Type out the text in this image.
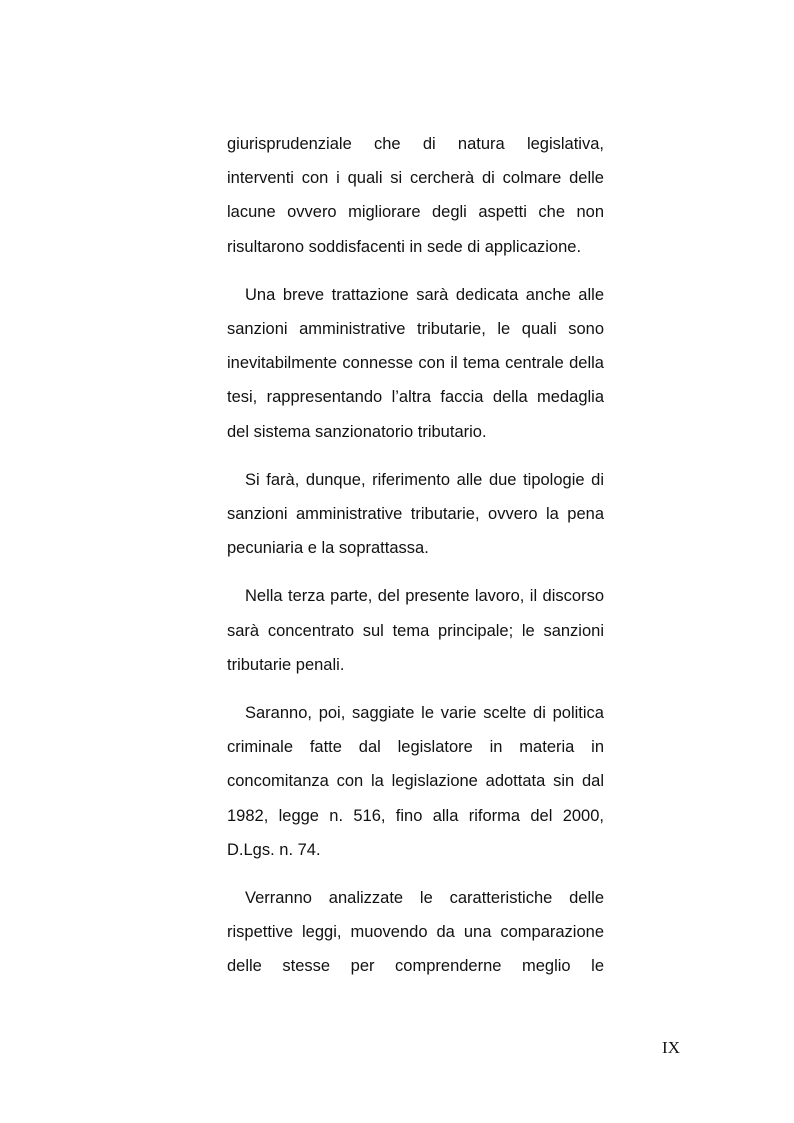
giurisprudenziale che di natura legislativa, interventi con i quali si cercherà di colmare delle lacune ovvero migliorare degli aspetti che non risultarono soddisfacenti in sede di applicazione.

Una breve trattazione sarà dedicata anche alle sanzioni amministrative tributarie, le quali sono inevitabilmente connesse con il tema centrale della tesi, rappresentando l’altra faccia della medaglia del sistema sanzionatorio tributario.

Si farà, dunque, riferimento alle due tipologie di sanzioni amministrative tributarie, ovvero la pena pecuniaria e la soprattassa.

Nella terza parte, del presente lavoro, il discorso sarà concentrato sul tema principale; le sanzioni tributarie penali.

Saranno, poi, saggiate le varie scelte di politica criminale fatte dal legislatore in materia in concomitanza con la legislazione adottata sin dal 1982, legge n. 516, fino alla riforma del 2000, D.Lgs. n. 74.

Verranno analizzate le caratteristiche delle rispettive leggi, muovendo da una comparazione delle stesse per comprenderne meglio le

IX
